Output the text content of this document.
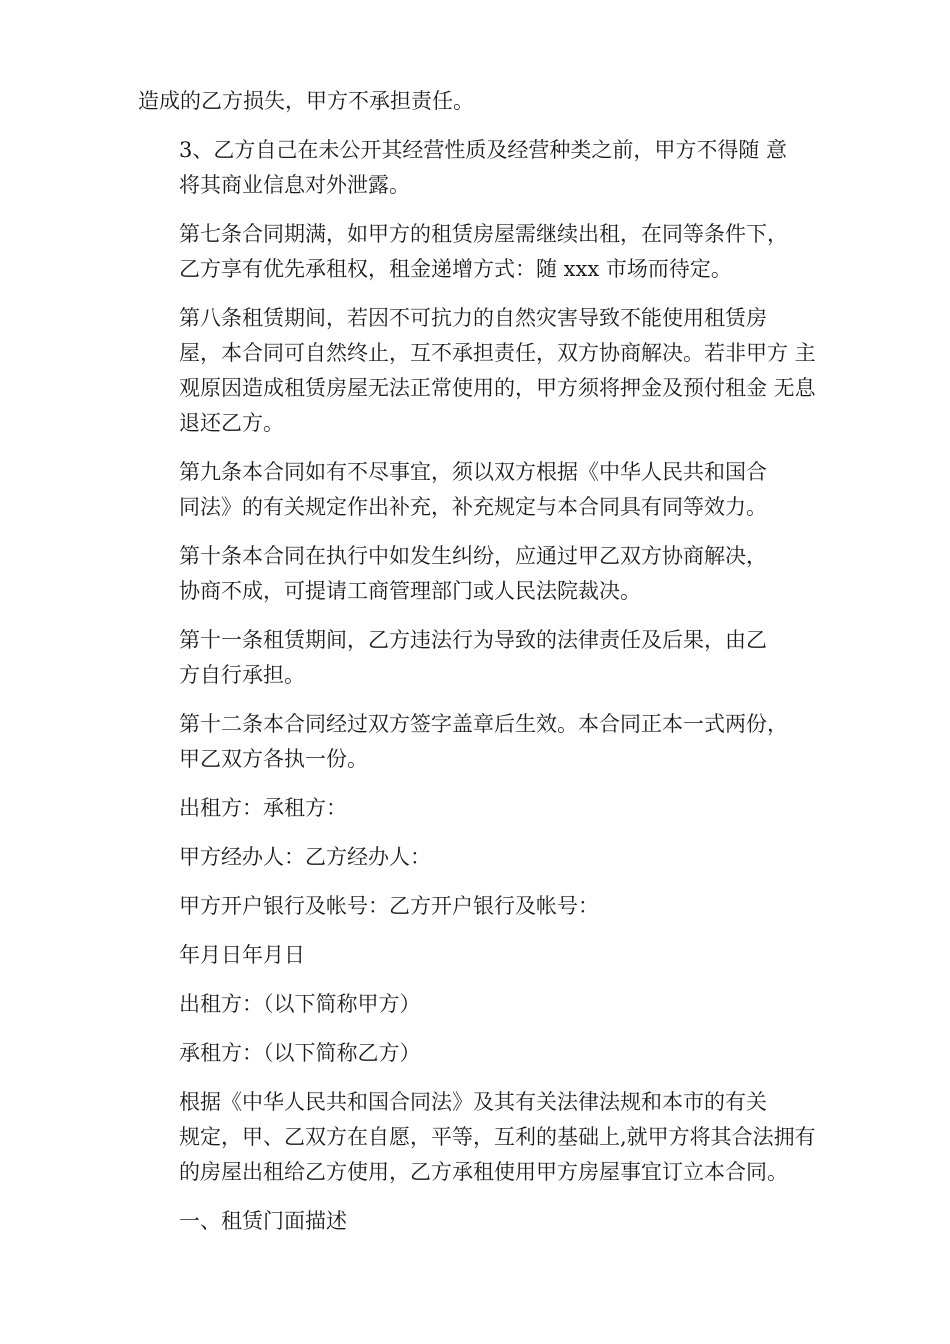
造成的乙方损失，甲方不承担责任。

3、乙方自己在未公开其经营性质及经营种类之前，甲方不得随 意
将其商业信息对外泄露。

第七条合同期满，如甲方的租赁房屋需继续出租，在同等条件下，
乙方享有优先承租权，租金递增方式：随 xxx 市场而待定。

第八条租赁期间，若因不可抗力的自然灾害导致不能使用租赁房
屋，本合同可自然终止，互不承担责任，双方协商解决。若非甲方 主
观原因造成租赁房屋无法正常使用的，甲方须将押金及预付租金 无息
退还乙方。

第九条本合同如有不尽事宜，须以双方根据《中华人民共和国合
同法》的有关规定作出补充，补充规定与本合同具有同等效力。

第十条本合同在执行中如发生纠纷，应通过甲乙双方协商解决，
协商不成，可提请工商管理部门或人民法院裁决。

第十一条租赁期间，乙方违法行为导致的法律责任及后果，由乙
方自行承担。

第十二条本合同经过双方签字盖章后生效。本合同正本一式两份，
甲乙双方各执一份。

出租方：承租方：

甲方经办人：乙方经办人：

甲方开户银行及帐号：乙方开户银行及帐号：

年月日年月日

出租方：（以下简称甲方）

承租方：（以下简称乙方）

根据《中华人民共和国合同法》及其有关法律法规和本市的有关
规定，甲、乙双方在自愿，平等，互利的基础上,就甲方将其合法拥有
的房屋出租给乙方使用，乙方承租使用甲方房屋事宜订立本合同。

一、租赁门面描述
